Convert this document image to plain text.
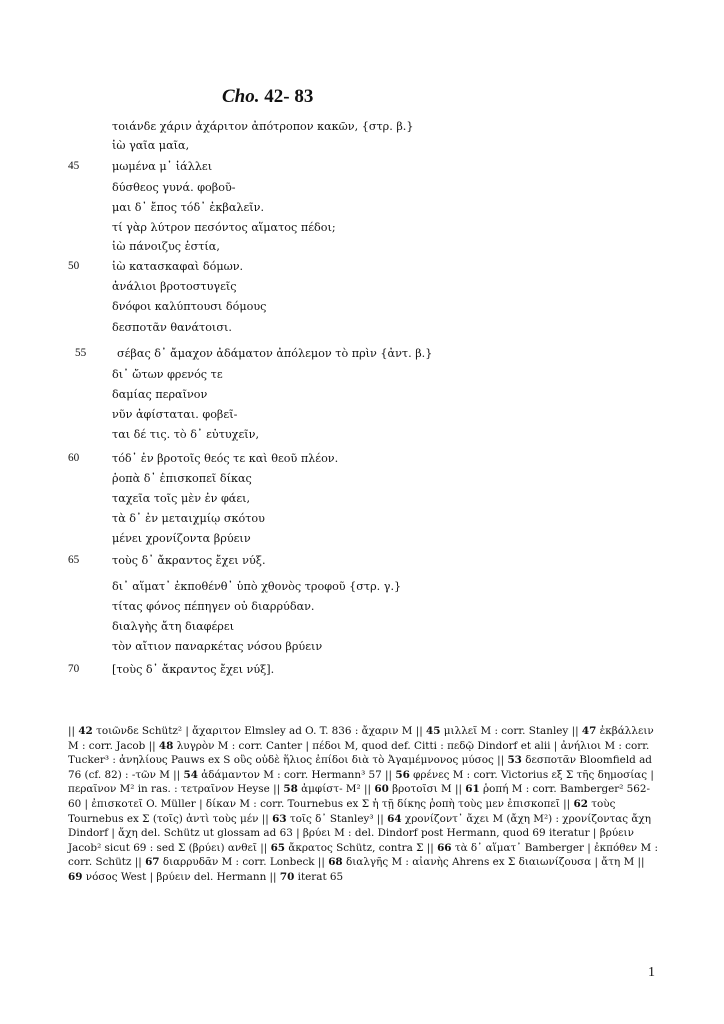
Cho. 42- 83
τοιάνδε χάριν ἀχάριτον ἀπότροπον κακῶν, {στρ. β.}
ἰὼ γαῖα μαῖα,
45	μωμένα μ᾽ ἰάλλει
δύσθεος γυνά. φοβοῦ-
μαι δ᾽ ἔπος τόδ᾽ ἐκβαλεῖν.
τί γὰρ λύτρον πεσόντος αἵματος πέδοι;
ἰὼ πάνοιζυς ἑστία,
50	ἰὼ κατασκαφαὶ δόμων.
ἀνάλιοι βροτοστυγεῖς
δνόφοι καλύπτουσι δόμους
δεσποτᾶν θανάτοισι.
55	σέβας δ᾽ ἄμαχον ἀδάματον ἀπόλεμον τὸ πρὶν {ἀντ. β.}
δι᾽ ὤτων φρενός τε
δαμίας περαῖνον
νῦν ἀφίσταται. φοβεῖ-
ται δέ τις. τὸ δ᾽ εὐτυχεῖν,
60	τόδ᾽ ἐν βροτοῖς θεός τε καὶ θεοῦ πλέον.
ῥοπὰ δ᾽ ἐπισκοπεῖ δίκας
ταχεῖα τοῖς μὲν ἐν φάει,
τὰ δ᾽ ἐν μεταιχμίῳ σκότου
μένει χρονίζοντα βρύειν
65	τοὺς δ᾽ ἄκραντος ἔχει νύξ.
δι᾽ αἵματ᾽ ἐκποθένθ᾽ ὑπὸ χθονὸς τροφοῦ {στρ. γ.}
τίτας φόνος πέπηγεν οὐ διαρρύδαν.
διαλγὴς ἄτη διαφέρει
τὸν αἴτιον παναρκέτας νόσου βρύειν
70	[τοὺς δ᾽ ἄκραντος ἔχει νύξ].
|| 42 τοιῶνδε Schütz² | ἄχαριτον Elmsley ad O. T. 836 : ἄχαριν M || 45 μιλλεῖ M : corr. Stanley || 47 ἐκβάλλειν M : corr. Jacob || 48 λυγρὸν M : corr. Canter | πέδοι M, quod def. Citti : πεδῷ Dindorf et alii | ἀνήλιοι M : corr. Tucker³ : ἀνηλίους Pauws ex S οὓς οὐδὲ ἥλιος ἐπίδοι διὰ τὸ Ἀγαμέμνονος μύσος || 53 δεσποτᾶν Bloomfield ad 76 (cf. 82) : -τῶν M || 54 ἀδάμαντον M : corr. Hermann³ 57 || 56 φρένες M : corr. Victorius εξ Σ τῆς δημοσίας | περαῖνον M² in ras. : τετραῖνον Heyse || 58 ἀμφίστ- M² || 60 βροτοῖσι M || 61 ῥοπή M : corr. Bamberger² 562-60 | ἐπισκοτεῖ O. Müller | δίκαν M : corr. Tournebus ex Σ ἡ τῇ δίκης ῥοπὴ τοὺς μεν ἐπισκοπεῖ || 62 τοὺς Tournebus ex Σ (τοῖς) ἀντὶ τοὺς μέν || 63 τοῖς δ᾽ Stanley³ || 64 χρονίζοντ᾽ ἄχει M (ἄχη M²) : χρονίζοντας ἄχη Dindorf | ἄχη del. Schütz ut glossam ad 63 | βρύει M : del. Dindorf post Hermann, quod 69 iteratur | βρύειν Jacob² sicut 69 : sed Σ (βρύει) ανθεῖ || 65 ἄκρατος Schütz, contra Σ || 66 τὰ δ᾽ αἵματ᾽ Bamberger | ἐκπόθεν M : corr. Schütz || 67 διαρρυδᾶν M : corr. Lonbeck || 68 διαλγῆς M : αἰανὴς Ahrens ex Σ διαιωνίζουσα | ἄτη M || 69 νόσος West | βρύειν del. Hermann || 70 iterat 65
1
